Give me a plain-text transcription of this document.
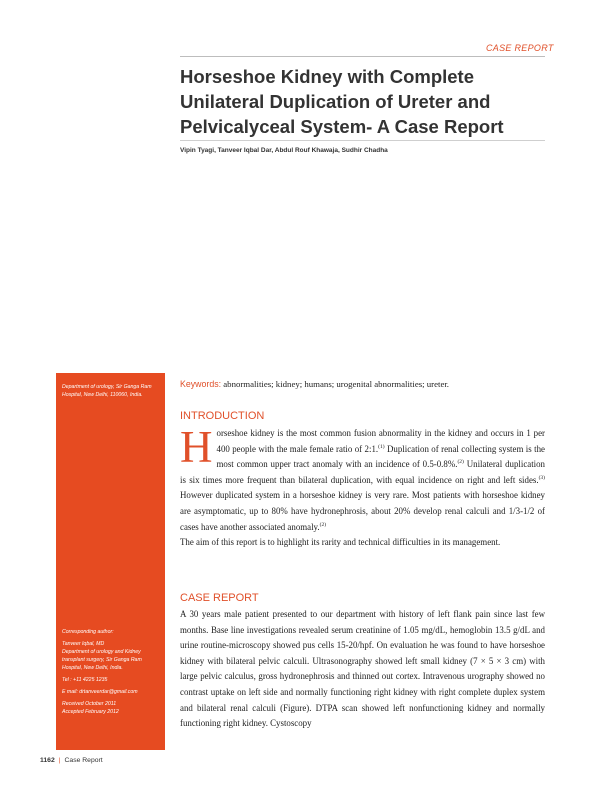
CASE REPORT
Horseshoe Kidney with Complete Unilateral Duplication of Ureter and Pelvicalyceal System- A Case Report
Vipin Tyagi, Tanveer Iqbal Dar, Abdul Rouf Khawaja, Sudhir Chadha

Department of urology, Sir Ganga Ram Hospital, New Delhi, 110060, India.

Corresponding author:

Tanveer Iqbal, MD

Department of urology and Kidney transplant surgery, Sir Ganga Ram Hospital, New Delhi, India.

Tel : +11 4225 1235

E mail: drtanveerdar@gmail.com

Received October 2011

Accepted February 2012

Keywords: abnormalities; kidney; humans; urogenital abnormalities; ureter.
INTRODUCTION

Horseshoe kidney is the most common fusion abnormality in the kidney and occurs in 1 per 400 people with the male female ratio of 2:1.$^{(1)}$ Duplication of renal collecting system is the most common upper tract anomaly with an incidence of 0.5-0.8%.$^{(2)}$ Unilateral duplication is six times more frequent than bilateral duplication, with equal incidence on right and left sides.$^{(3)}$ However duplicated system in a horseshoe kidney is very rare. Most patients with horseshoe kidney are asymptomatic, up to 80% have hydronephrosis, about 20% develop renal calculi and 1/3-1/2 of cases have another associated anomaly.$^{(2)}$

The aim of this report is to highlight its rarity and technical difficulties in its management.

CASE REPORT

A 30 years male patient presented to our department with history of left flank pain since last few months. Base line investigations revealed serum creatinine of 1.05 mg/dL, hemoglobin 13.5 g/dL and urine routine-microscopy showed pus cells 15-20/hpf. On evaluation he was found to have horseshoe kidney with bilateral pelvic calculi. Ultrasonography showed left small kidney (7 × 5 × 3 cm) with large pelvic calculus, gross hydronephrosis and thinned out cortex. Intravenous urography showed no contrast uptake on left side and normally functioning right kidney with right complete duplex system and bilateral renal calculi (Figure). DTPA scan showed left nonfunctioning kidney and normally functioning right kidney. Cystoscopy

1162 | Case Report
